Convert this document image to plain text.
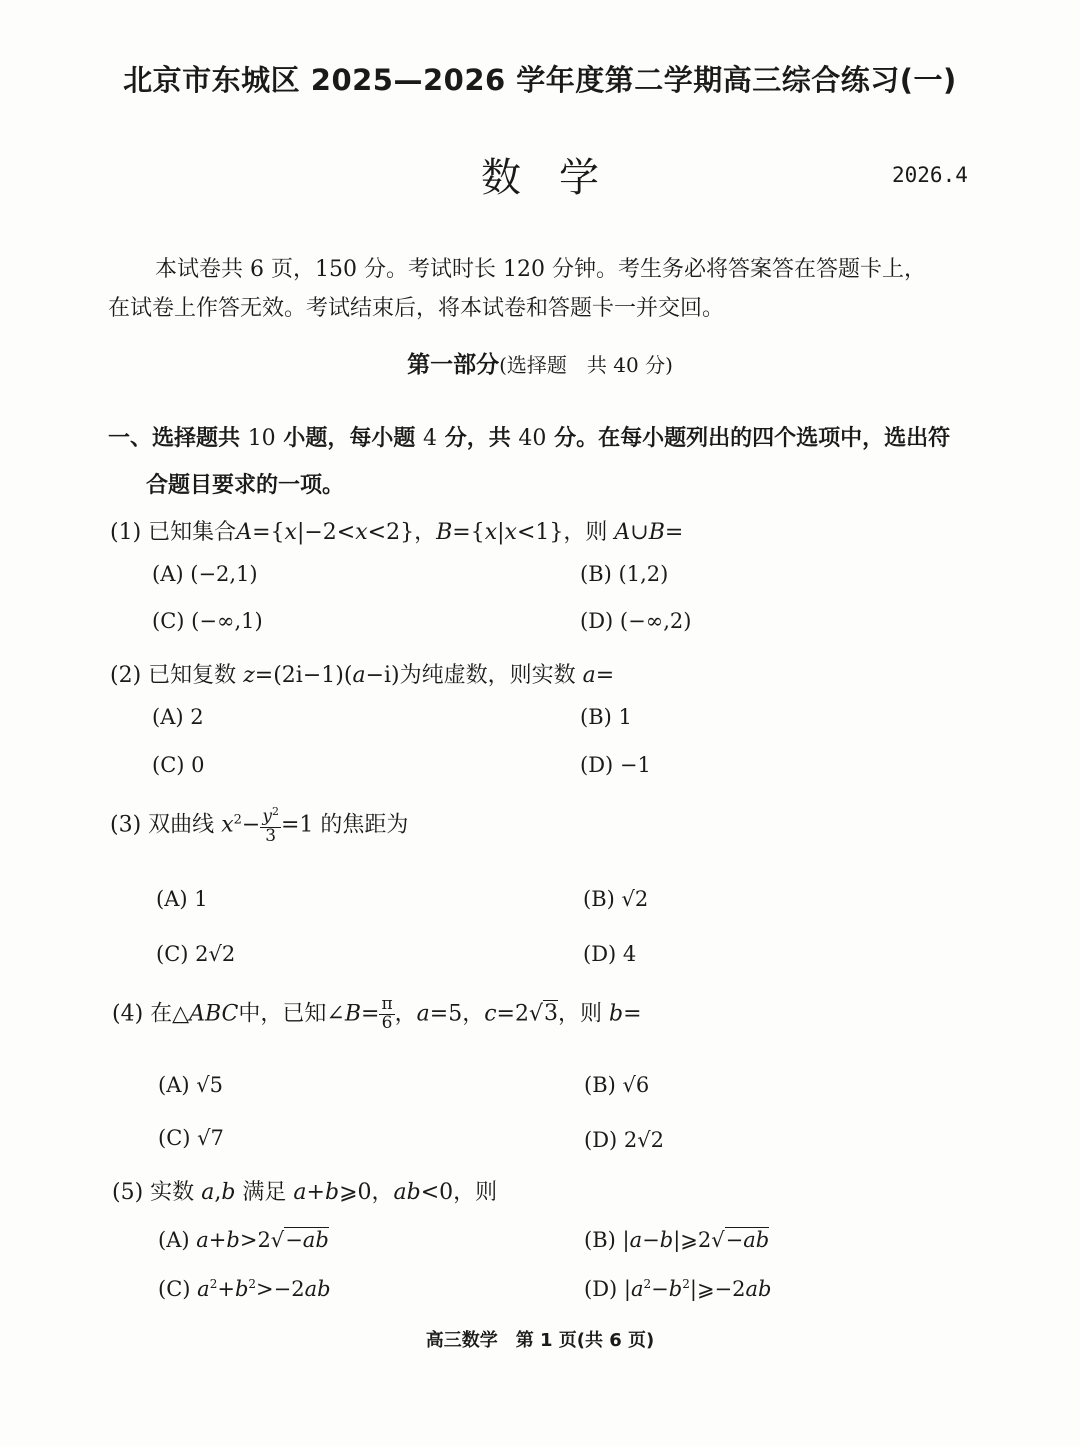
北京市东城区 2025—2026 学年度第二学期高三综合练习(一)
数学	2026.4
本试卷共 6 页，150 分。考试时长 120 分钟。考生务必将答案答在答题卡上，
在试卷上作答无效。考试结束后，将本试卷和答题卡一并交回。
第一部分(选择题　共 40 分)
一、选择题共 10 小题，每小题 4 分，共 40 分。在每小题列出的四个选项中，选出符
合题目要求的一项。
(1) 已知集合A={x|−2<x<2}，B={x|x<1}，则 A∪B=
(A) (−2,1)	(B) (1,2)
(C) (−∞,1)	(D) (−∞,2)
(2) 已知复数 z=(2i−1)(a−i)为纯虚数，则实数 a=
(A) 2	(B) 1
(C) 0	(D) −1
(3) 双曲线 $x^2- \frac{y^2}{3} =1$ 的焦距为
(A) 1	(B) √2
(C) 2√2	(D) 4
(4) 在△ABC中，已知∠B= $\frac{\pi}{6}$ ，a=5，c=2√3，则 b=
(A) √5	(B) √6
(C) √7	(D) 2√2
(5) 实数 a,b 满足 a+b⩾0，ab<0，则
(A) a+b>2√−ab	(B) |a−b|⩾2√−ab
(C) $a^2+b^2>-2ab$	(D) $|a^2-b^2|⩾-2ab$
高三数学　第 1 页(共 6 页)
